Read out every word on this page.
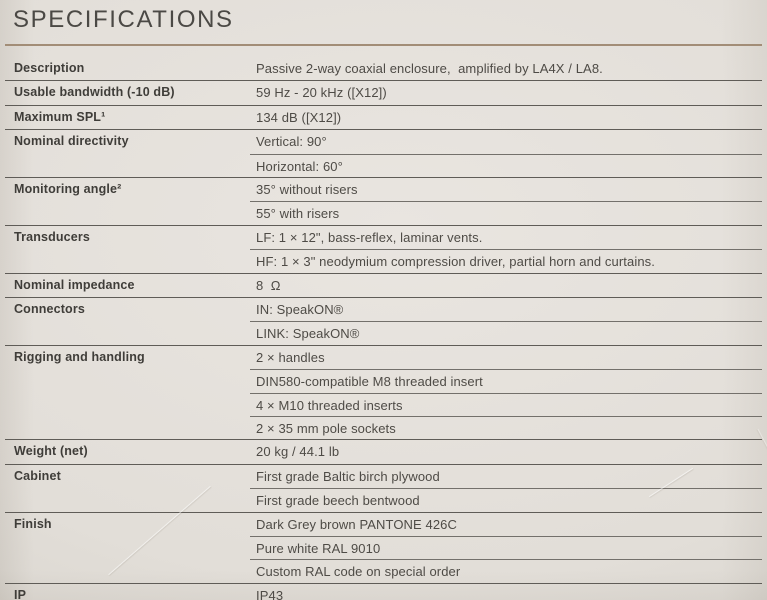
SPECIFICATIONS
Description	Passive 2-way coaxial enclosure,  amplified by LA4X / LA8.
Usable bandwidth (-10 dB)	59 Hz - 20 kHz ([X12])
Maximum SPL¹	134 dB ([X12])
Nominal directivity	Vertical: 90°
Horizontal: 60°
Monitoring angle²	35° without risers
55° with risers
Transducers	LF: 1 × 12", bass-reflex, laminar vents.
HF: 1 × 3" neodymium compression driver, partial horn and curtains.
Nominal impedance	8  Ω
Connectors	IN: SpeakON®
LINK: SpeakON®
Rigging and handling	2 × handles
DIN580-compatible M8 threaded insert
4 × M10 threaded inserts
2 × 35 mm pole sockets
Weight (net)	20 kg / 44.1 lb
Cabinet	First grade Baltic birch plywood
First grade beech bentwood
Finish	Dark Grey brown PANTONE 426C
Pure white RAL 9010
Custom RAL code on special order
IP	IP43
